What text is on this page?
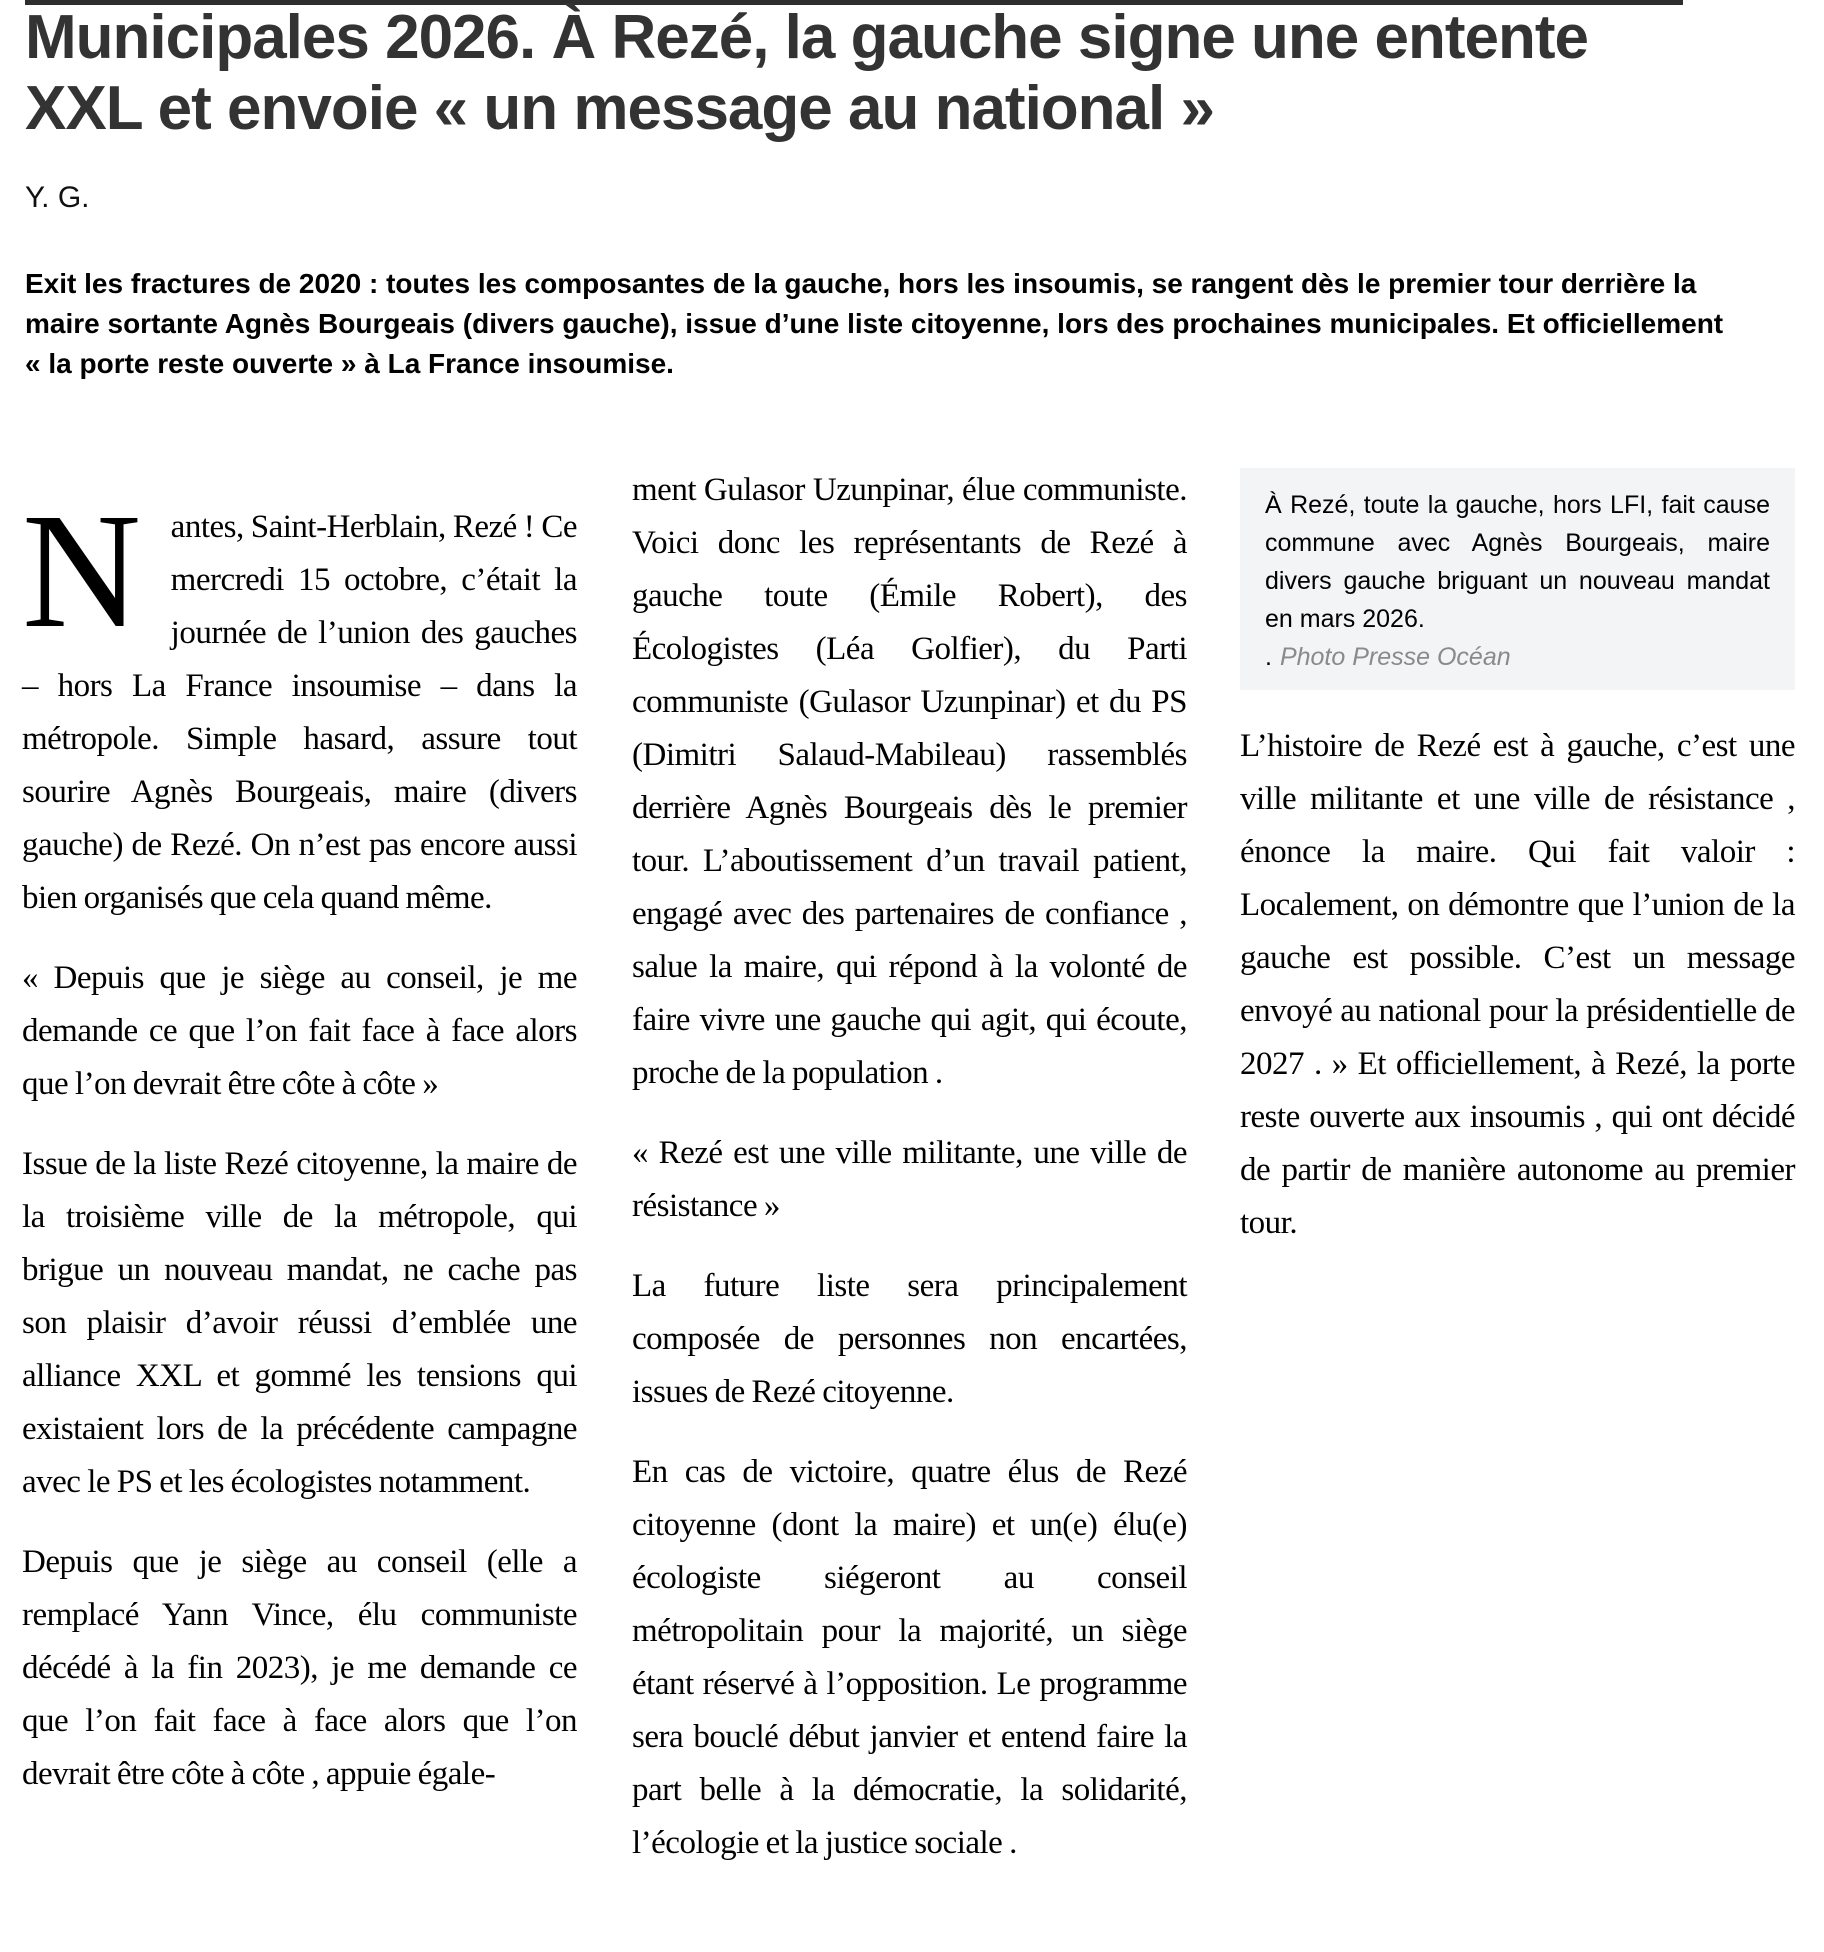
Municipales 2026. À Rezé, la gauche signe une entente
XXL et envoie « un message au national »

Y. G.

Exit les fractures de 2020 : toutes les composantes de la gauche, hors les insoumis, se rangent dès le premier tour derrière la maire sortante Agnès Bourgeais (divers gauche), issue d’une liste citoyenne, lors des prochaines municipales. Et officiellement « la porte reste ouverte » à La France insoumise.

Nantes, Saint-Herblain, Rezé ! Ce mercredi 15 octobre, c’était la journée de l’union des gauches – hors La France insoumise – dans la métropole. Simple hasard, assure tout sourire Agnès Bourgeais, maire (divers gauche) de Rezé. On n’est pas encore aussi bien organisés que cela quand même.

« Depuis que je siège au conseil, je me demande ce que l’on fait face à face alors que l’on devrait être côte à côte »

Issue de la liste Rezé citoyenne, la maire de la troisième ville de la métropole, qui brigue un nouveau mandat, ne cache pas son plaisir d’avoir réussi d’emblée une alliance XXL et gommé les tensions qui existaient lors de la précédente campagne avec le PS et les écologistes notamment.

Depuis que je siège au conseil (elle a remplacé Yann Vince, élu communiste décédé à la fin 2023), je me demande ce que l’on fait face à face alors que l’on devrait être côte à côte , appuie égale-

ment Gulasor Uzunpinar, élue communiste. Voici donc les représentants de Rezé à gauche toute (Émile Robert), des Écologistes (Léa Golfier), du Parti communiste (Gulasor Uzunpinar) et du PS (Dimitri Salaud-Mabileau) rassemblés derrière Agnès Bourgeais dès le premier tour. L’aboutissement d’un travail patient, engagé avec des partenaires de confiance , salue la maire, qui répond à la volonté de faire vivre une gauche qui agit, qui écoute, proche de la population .

« Rezé est une ville militante, une ville de résistance »

La future liste sera principalement composée de personnes non encartées, issues de Rezé citoyenne.

En cas de victoire, quatre élus de Rezé citoyenne (dont la maire) et un(e) élu(e) écologiste siégeront au conseil métropolitain pour la majorité, un siège étant réservé à l’opposition. Le programme sera bouclé début janvier et entend faire la part belle à la démocratie, la solidarité, l’écologie et la justice sociale .

À Rezé, toute la gauche, hors LFI, fait cause commune avec Agnès Bourgeais, maire divers gauche briguant un nouveau mandat en mars 2026.

. Photo Presse Océan

L’histoire de Rezé est à gauche, c’est une ville militante et une ville de résistance , énonce la maire. Qui fait valoir : Localement, on démontre que l’union de la gauche est possible. C’est un message envoyé au national pour la présidentielle de 2027 . » Et officiellement, à Rezé, la porte reste ouverte aux insoumis , qui ont décidé de partir de manière autonome au premier tour.
